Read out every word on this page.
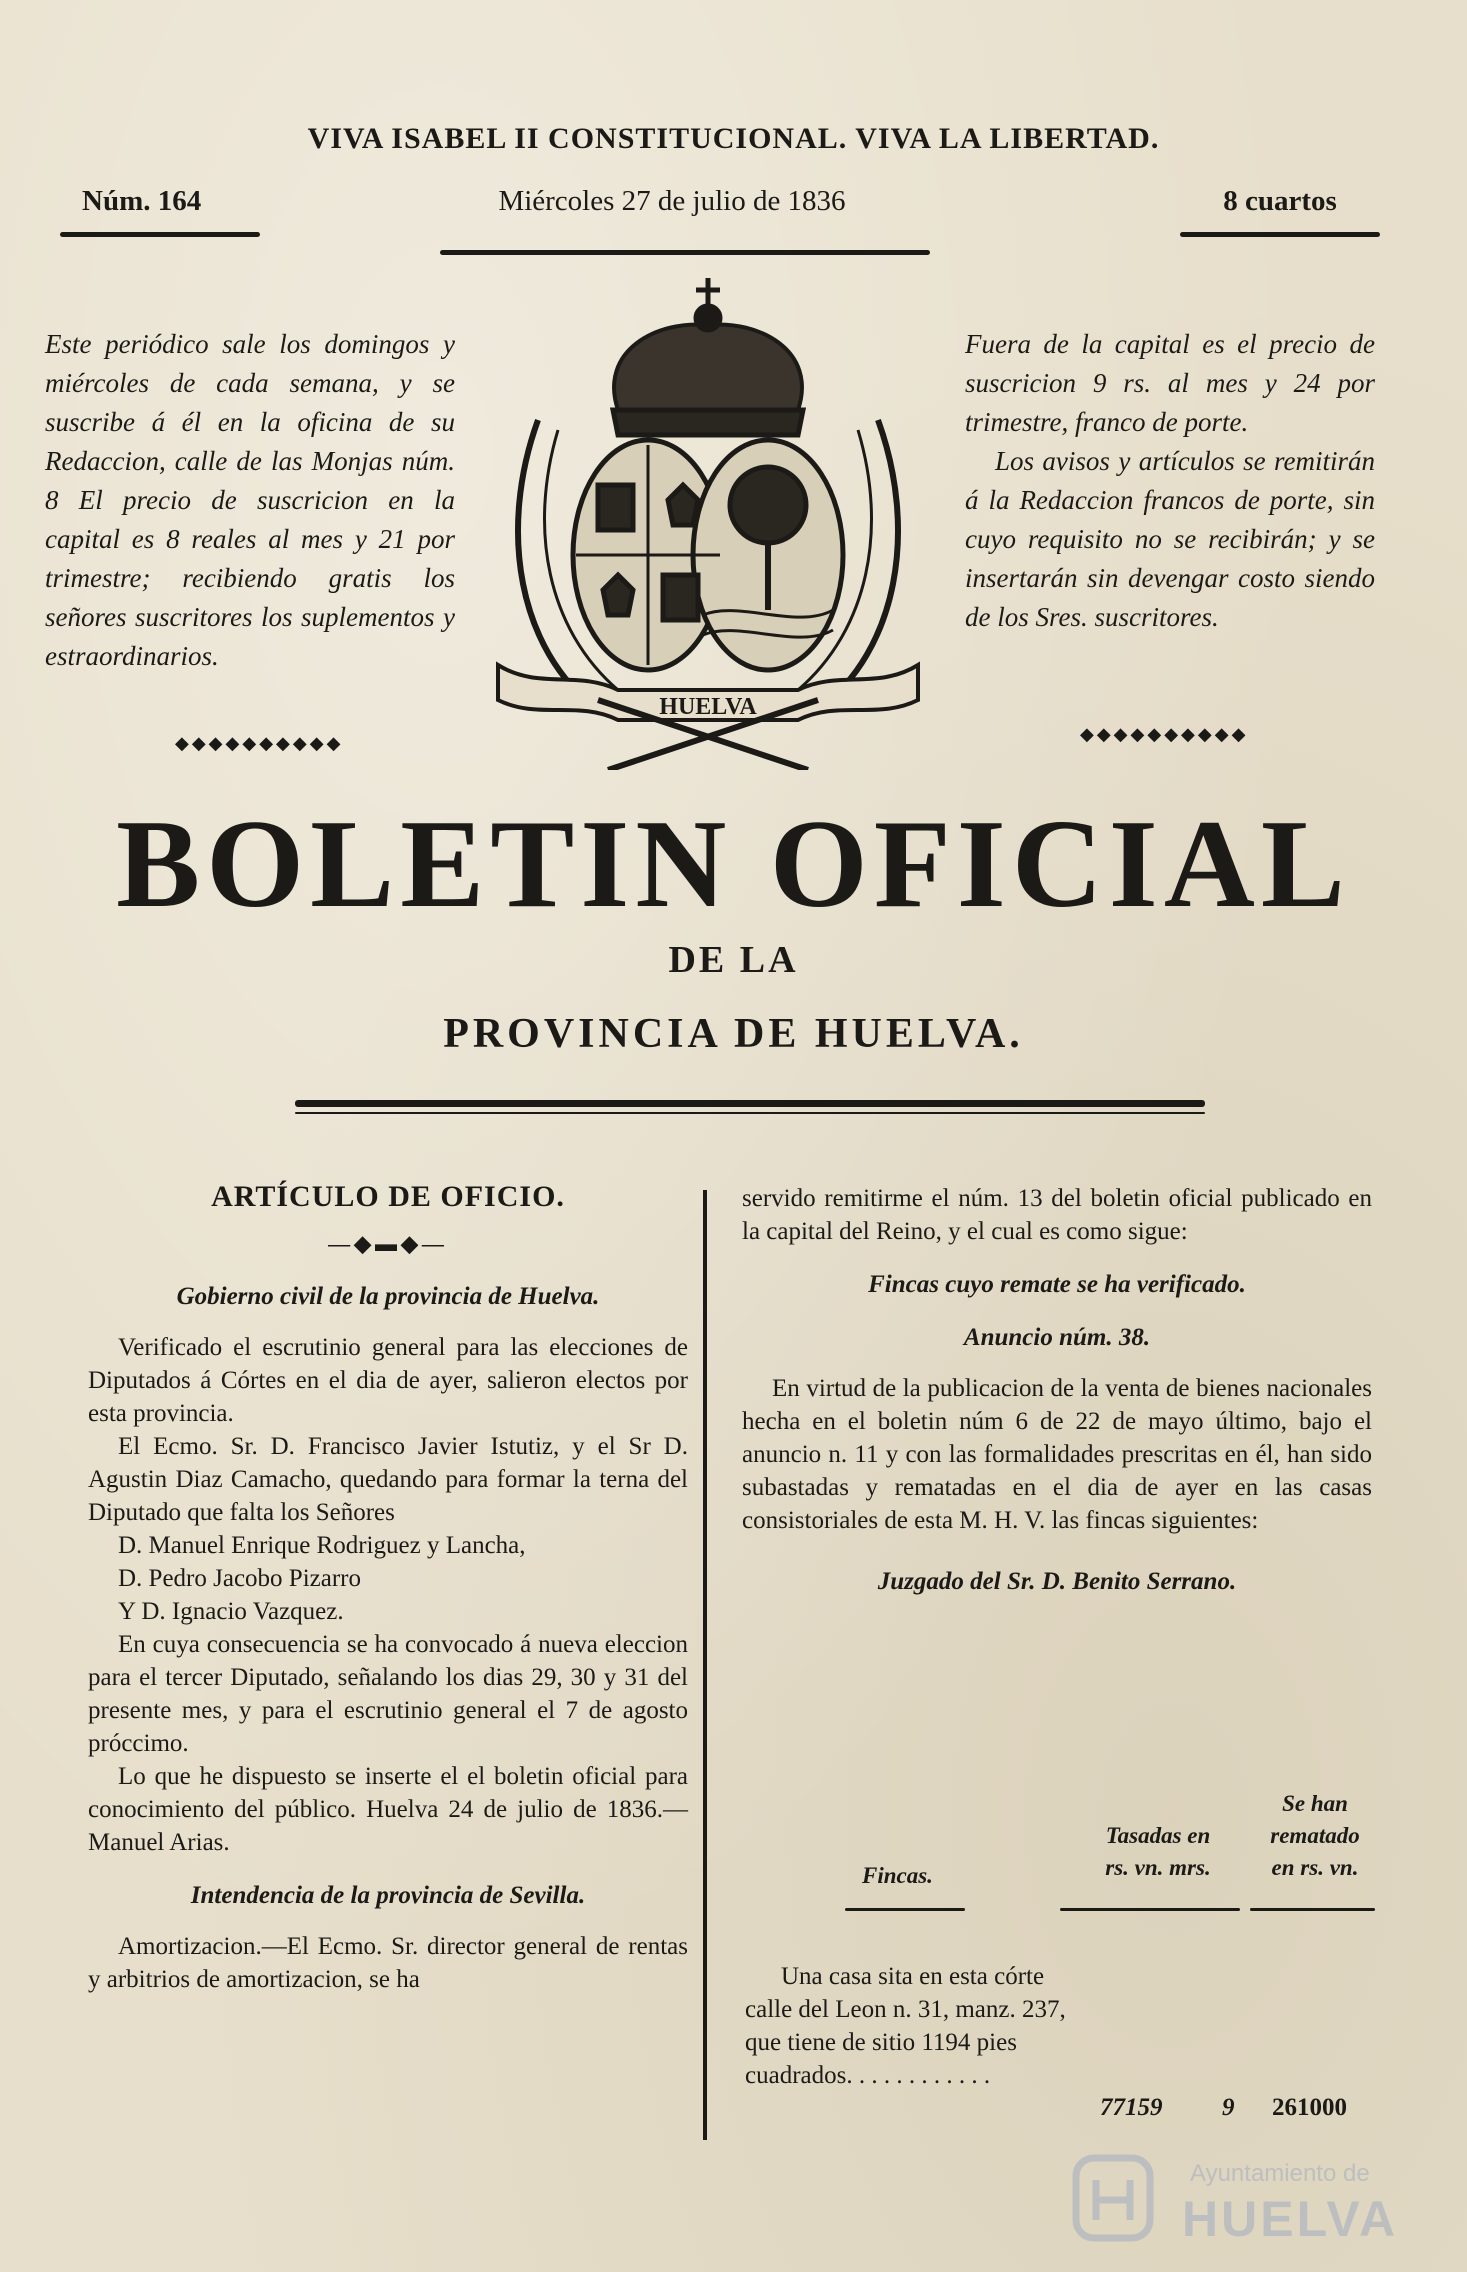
VIVA ISABEL II CONSTITUCIONAL. VIVA LA LIBERTAD.
Núm. 164	Miércoles 27 de julio de 1836	8 cuartos

Este periódico sale los domingos y miércoles de cada semana, y se suscribe á él en la oficina de su Redaccion, calle de las Monjas núm. 8 El precio de suscricion en la capital es 8 reales al mes y 21 por trimestre; recibiendo gratis los señores suscritores los suplementos y estraordinarios.

◆◆◆◆◆◆◆◆◆◆

Fuera de la capital es el precio de suscricion 9 rs. al mes y 24 por trimestre, franco de porte.

Los avisos y artículos se remitirán á la Redaccion francos de porte, sin cuyo requisito no se recibirán; y se insertarán sin devengar costo siendo de los Sres. suscritores.

◆◆◆◆◆◆◆◆◆◆
HUELVA
BOLETIN OFICIAL
DE LA
PROVINCIA DE HUELVA.

ARTÍCULO DE OFICIO.

—◆▬◆—

Gobierno civil de la provincia de Huelva.

Verificado el escrutinio general para las elecciones de Diputados á Córtes en el dia de ayer, salieron electos por esta provincia.

El Ecmo. Sr. D. Francisco Javier Istutiz, y el Sr D. Agustin Diaz Camacho, quedando para formar la terna del Diputado que falta los Señores

D. Manuel Enrique Rodriguez y Lancha,

D. Pedro Jacobo Pizarro

Y D. Ignacio Vazquez.

En cuya consecuencia se ha convocado á nueva eleccion para el tercer Diputado, señalando los dias 29, 30 y 31 del presente mes, y para el escrutinio general el 7 de agosto próccimo.

Lo que he dispuesto se inserte el el boletin oficial para conocimiento del público. Huelva 24 de julio de 1836.—Manuel Arias.

Intendencia de la provincia de Sevilla.

Amortizacion.—El Ecmo. Sr. director general de rentas y arbitrios de amortizacion, se ha

servido remitirme el núm. 13 del boletin oficial publicado en la capital del Reino, y el cual es como sigue:

Fincas cuyo remate se ha verificado.

Anuncio núm. 38.

En virtud de la publicacion de la venta de bienes nacionales hecha en el boletin núm 6 de 22 de mayo último, bajo el anuncio n. 11 y con las formalidades prescritas en él, han sido subastadas y rematadas en el dia de ayer en las casas consistoriales de esta M. H. V. las fincas siguientes:

Juzgado del Sr. D. Benito Serrano.

Fincas.
Tasadas en
rs. vn. mrs.
Se han rematado
en rs. vn.

Una casa sita en esta córte calle del Leon n. 31, manz. 237, que tiene de sitio 1194 pies cuadrados. . . . . . . . . . . .

77159 9 261000
Ayuntamiento de
HUELVA
